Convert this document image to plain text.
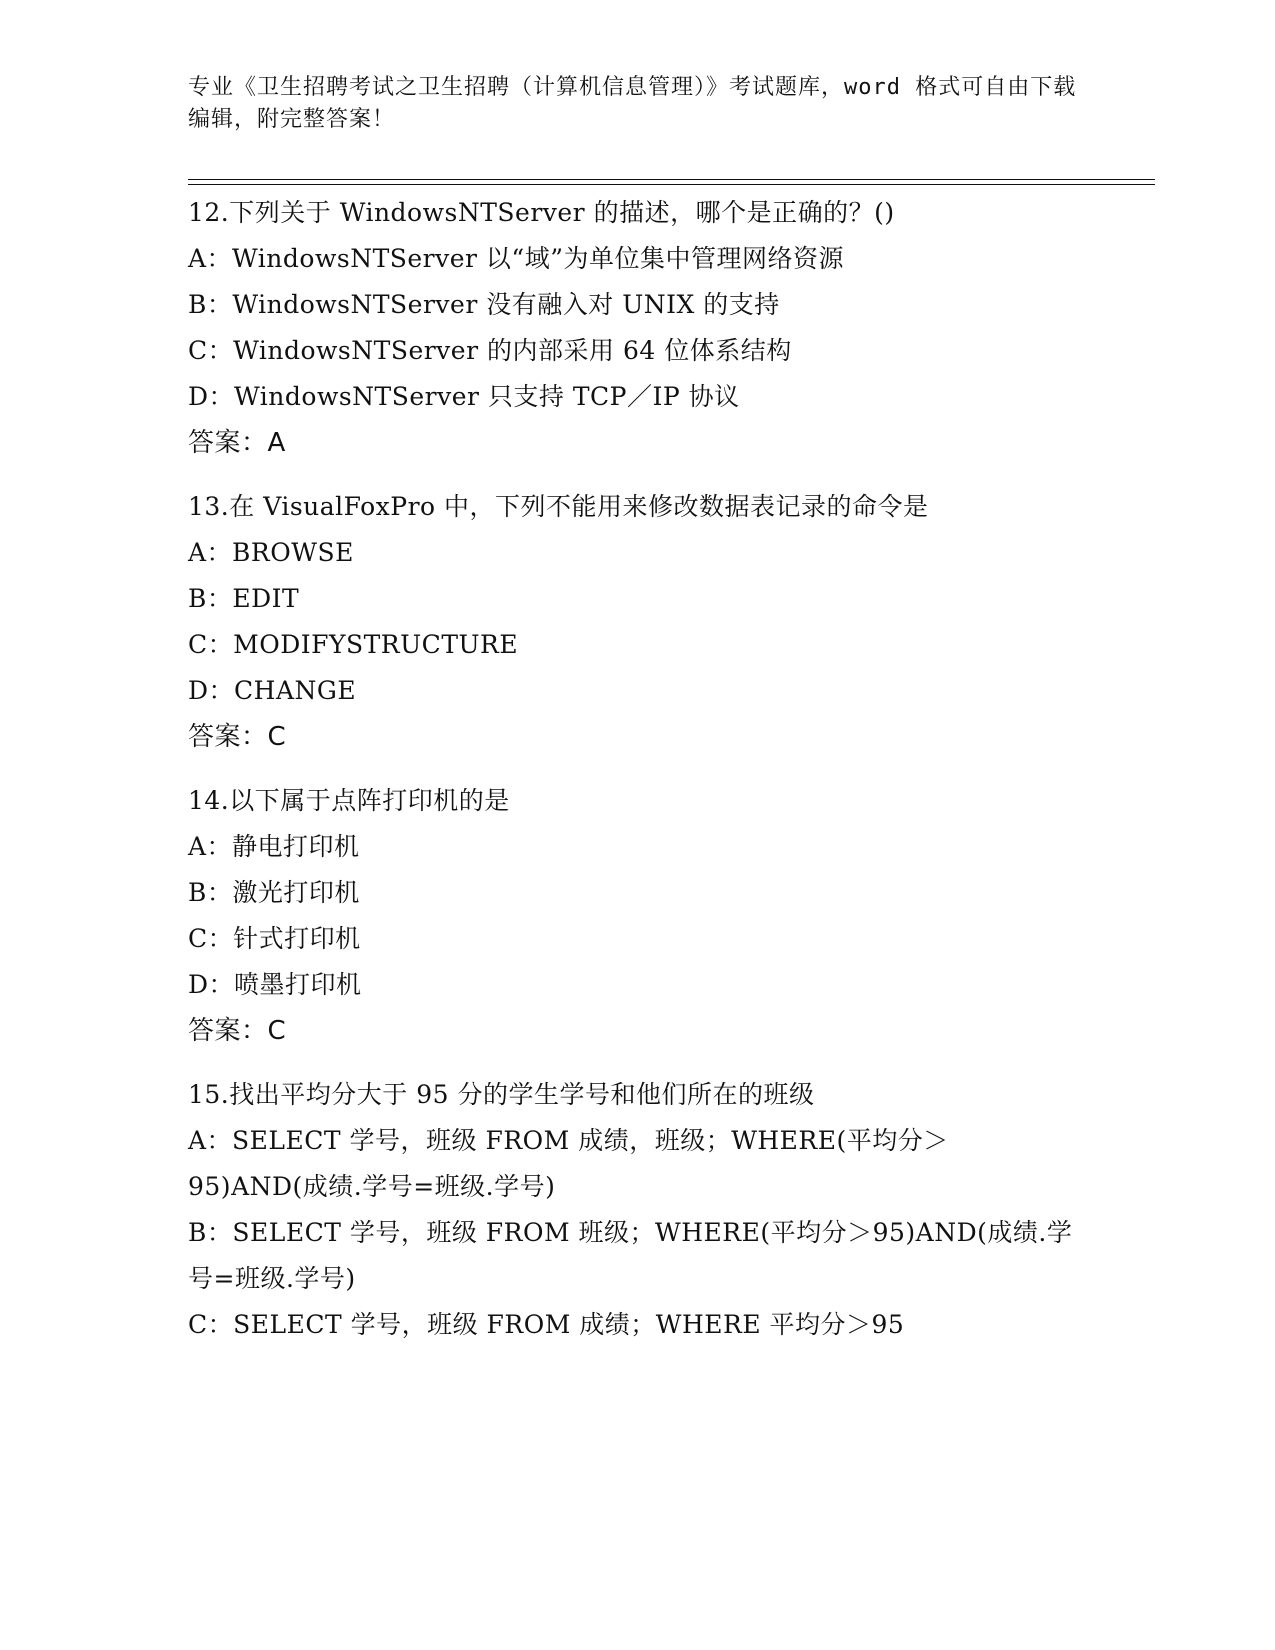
专业《卫生招聘考试之卫生招聘（计算机信息管理）》考试题库，word 格式可自由下载编辑，附完整答案！
12.下列关于 WindowsNTServer 的描述，哪个是正确的？()
A：WindowsNTServer 以“域”为单位集中管理网络资源
B：WindowsNTServer 没有融入对 UNIX 的支持
C：WindowsNTServer 的内部采用 64 位体系结构
D：WindowsNTServer 只支持 TCP／IP 协议
答案：A
13.在 VisualFoxPro 中，下列不能用来修改数据表记录的命令是
A：BROWSE
B：EDIT
C：MODIFYSTRUCTURE
D：CHANGE
答案：C
14.以下属于点阵打印机的是
A：静电打印机
B：激光打印机
C：针式打印机
D：喷墨打印机
答案：C
15.找出平均分大于 95 分的学生学号和他们所在的班级
A：SELECT 学号，班级 FROM 成绩，班级；WHERE(平均分＞95)AND(成绩.学号=班级.学号)
B：SELECT 学号，班级 FROM 班级；WHERE(平均分＞95)AND(成绩.学号=班级.学号)
C：SELECT 学号，班级 FROM 成绩；WHERE 平均分＞95
